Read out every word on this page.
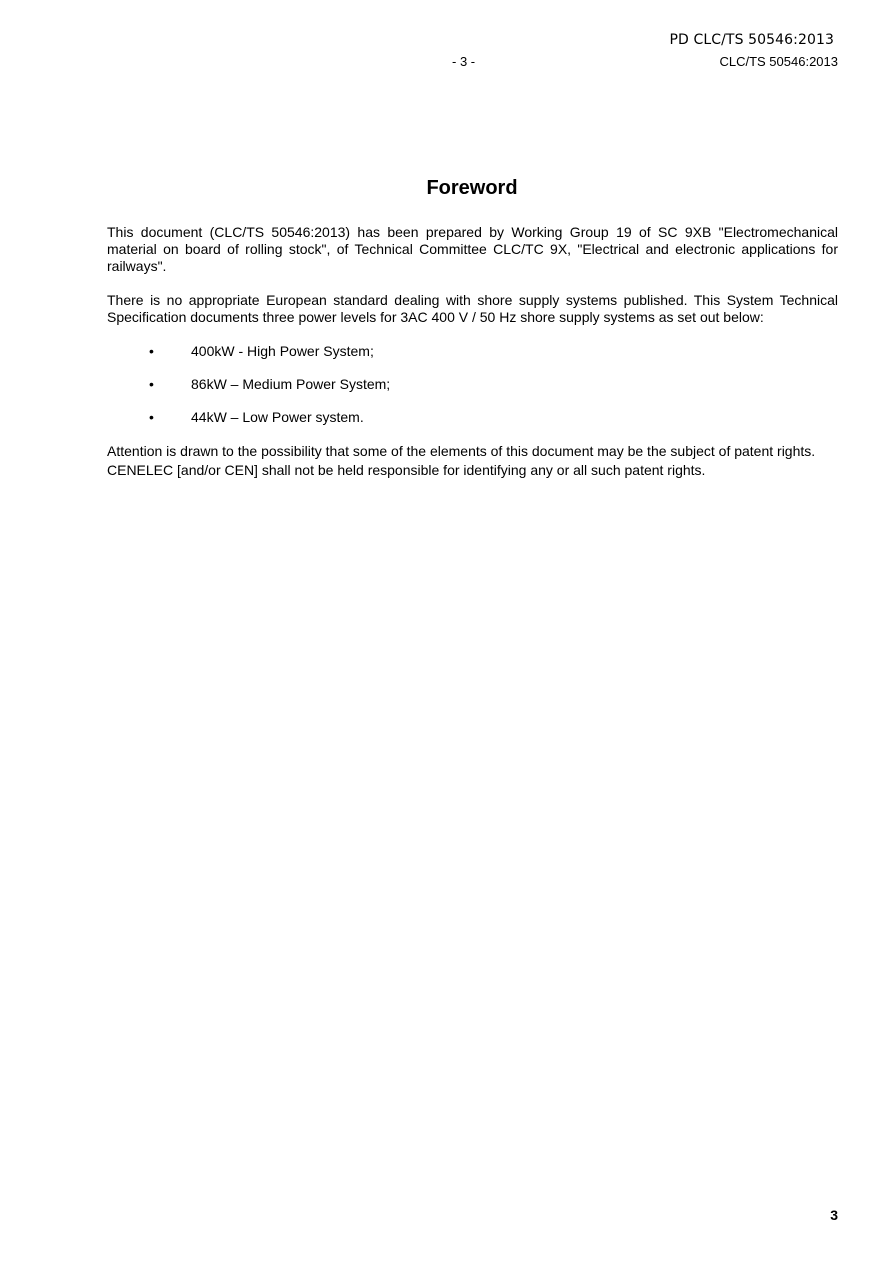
PD CLC/TS 50546:2013
- 3 -	CLC/TS 50546:2013
Foreword

This document (CLC/TS 50546:2013) has been prepared by Working Group 19 of SC 9XB "Electromechanical material on board of rolling stock", of Technical Committee CLC/TC 9X, "Electrical and electronic applications for railways".

There is no appropriate European standard dealing with shore supply systems published. This System Technical Specification documents three power levels for 3AC 400 V / 50 Hz shore supply systems as set out below:

•	400kW - High Power System;
•	86kW – Medium Power System;
•	44kW – Low Power system.

Attention is drawn to the possibility that some of the elements of this document may be the subject of patent rights. CENELEC [and/or CEN] shall not be held responsible for identifying any or all such patent rights.

3
